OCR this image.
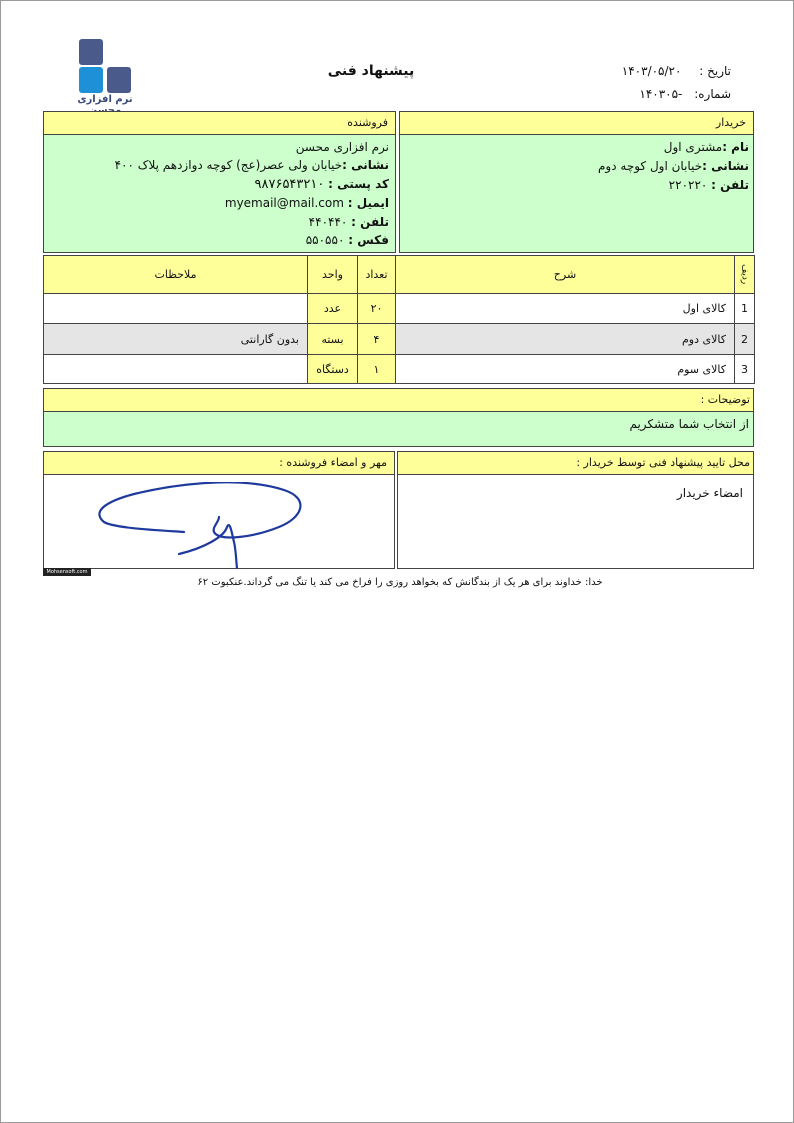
نرم افزاری
پیشنهاد فنی	تاریخ : ۱۴۰۳/۰۵/۲۰
شماره: -۱۴۰۳۰۵
فروشنده
نرم افزاری محسن
نشانی :خیابان ولی عصر(عج) کوچه دوازدهم پلاک ۴۰۰
کد پستی : ۹۸۷۶۵۴۳۲۱۰
ایمیل : myemail@mail.com
تلفن : ۴۴۰۴۴۰
فکس : ۵۵۰۵۵۰
خریدار
نام :مشتری اول
نشانی :خیابان اول کوچه دوم
تلفن : ۲۲۰۲۲۰
ملاحظات	واحد	تعداد	شرح	ردیف

	عدد	۲۰	کالای اول	1
بدون گارانتی	بسته	۴	کالای دوم	2
	دستگاه	۱	کالای سوم	3
توضیحات :
از انتخاب شما متشکریم
محل تایید پیشنهاد فنی توسط خریدار :
امضاء خریدار
مهر و امضاء فروشنده :
Mohsensoft.com
خدا: خداوند برای هر یک از بندگانش که بخواهد روزی را فراخ می کند یا تنگ می گرداند.عنکبوت ۶۲
